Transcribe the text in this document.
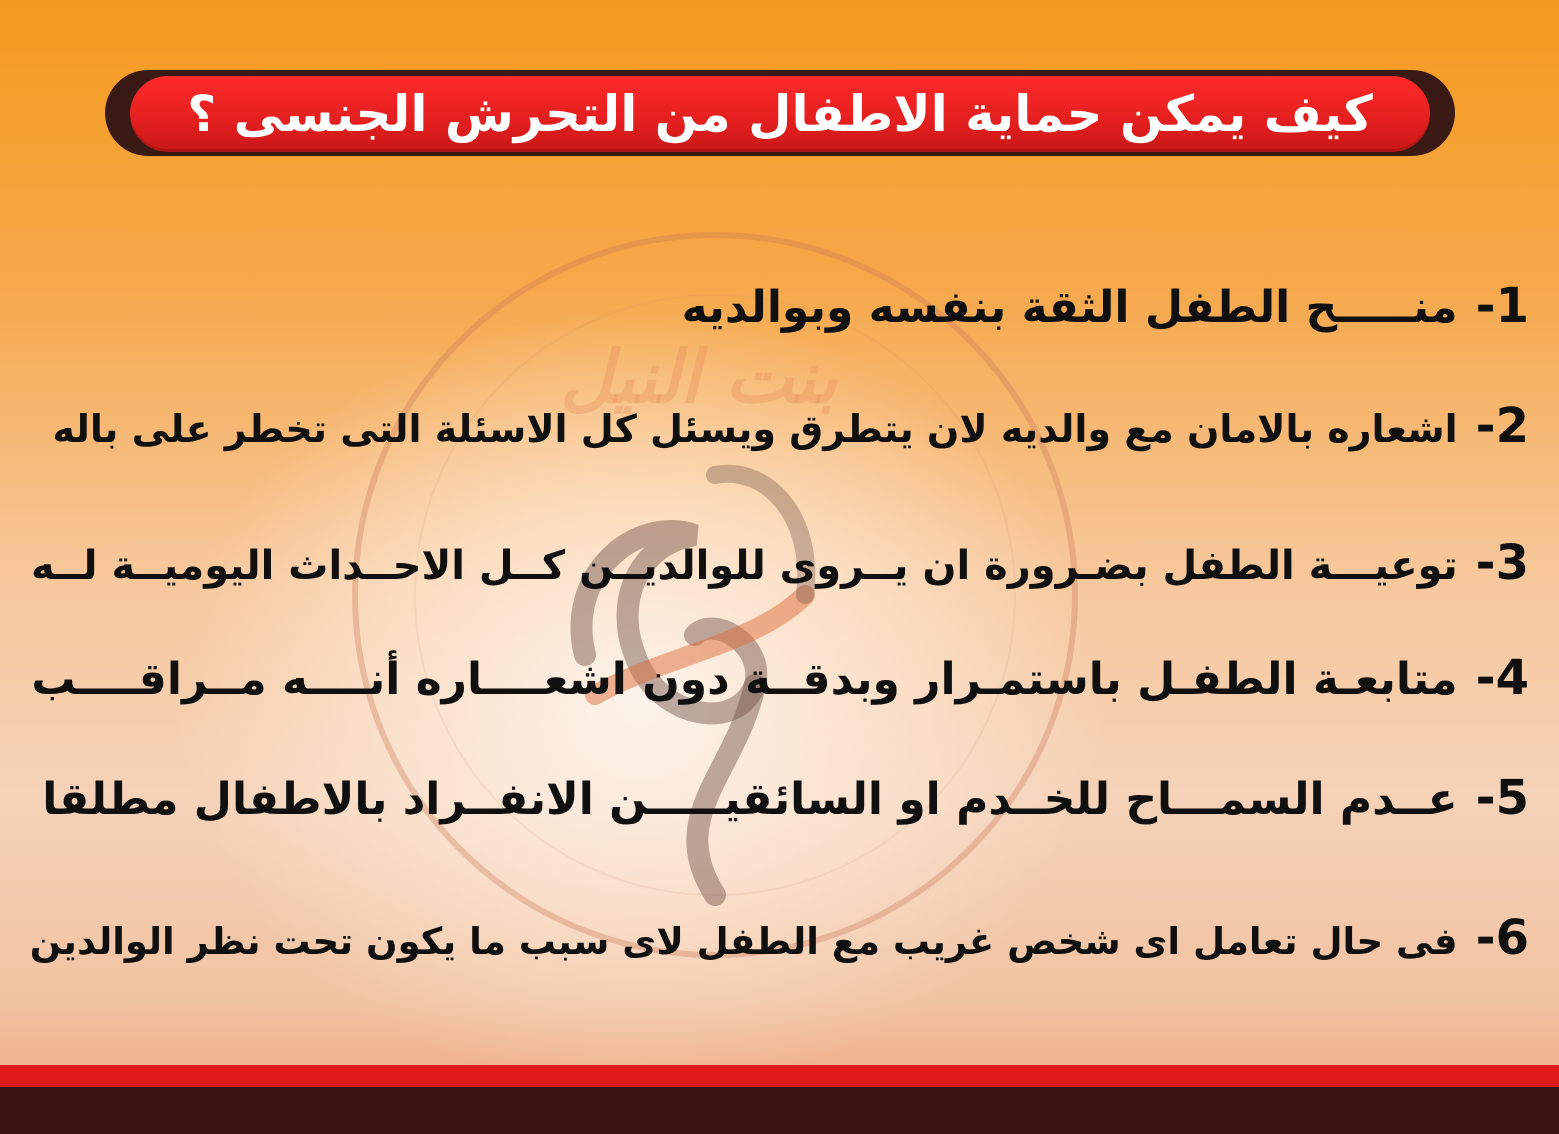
كيف يمكن حماية الاطفال من التحرش الجنسى ؟
بنت النيل
1-منـــــح الطفل الثقة بنفسه وبوالديه
2-اشعاره بالامان مع والديه لان يتطرق ويسئل كل الاسئلة التى تخطر على باله
3-توعيـــة الطفل بضـرورة ان يــروى للوالديــن كــل الاحــداث اليوميــة لــه
4-متابعـة الطفـل باستمـرار وبدقــة دون اشعــــاره أنــــه مــراقــــب
5-عــدم السمـــاح للخــدم او السائقيـــــن الانفــراد بالاطفال مطلقا
6-فى حال تعامل اى شخص غريب مع الطفل لاى سبب ما يكون تحت نظر الوالدين
